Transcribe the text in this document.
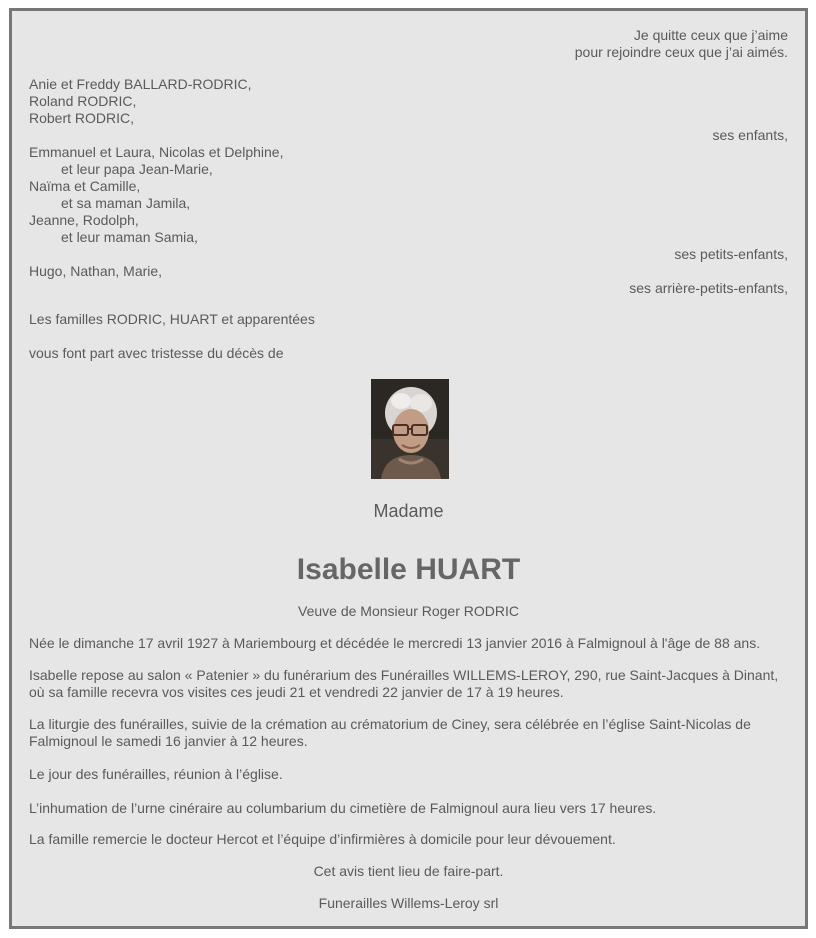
Je quitte ceux que j’aime
pour rejoindre ceux que j’ai aimés.
Anie et Freddy BALLARD-RODRIC,
Roland RODRIC,
Robert RODRIC,
ses enfants,
Emmanuel et Laura, Nicolas et Delphine,
et leur papa Jean-Marie,
Naïma et Camille,
et sa maman Jamila,
Jeanne, Rodolph,
et leur maman Samia,
ses petits-enfants,
Hugo, Nathan, Marie,
ses arrière-petits-enfants,
Les familles RODRIC, HUART et apparentées
vous font part avec tristesse du décès de
Madame
Isabelle HUART
Veuve de Monsieur Roger RODRIC
Née le dimanche 17 avril 1927 à Mariembourg et décédée le mercredi 13 janvier 2016 à Falmignoul à l'âge de 88 ans.
Isabelle repose au salon « Patenier » du funérarium des Funérailles WILLEMS-LEROY, 290, rue Saint-Jacques à Dinant, où sa famille recevra vos visites ces jeudi 21 et vendredi 22 janvier de 17 à 19 heures.
La liturgie des funérailles, suivie de la crémation au crématorium de Ciney, sera célébrée en l’église Saint-Nicolas de Falmignoul le samedi 16 janvier à 12 heures.
Le jour des funérailles, réunion à l’église.
L’inhumation de l’urne cinéraire au columbarium du cimetière de Falmignoul aura lieu vers 17 heures.
La famille remercie le docteur Hercot et l’équipe d’infirmières à domicile pour leur dévouement.
Cet avis tient lieu de faire-part.
Funerailles Willems-Leroy srl
